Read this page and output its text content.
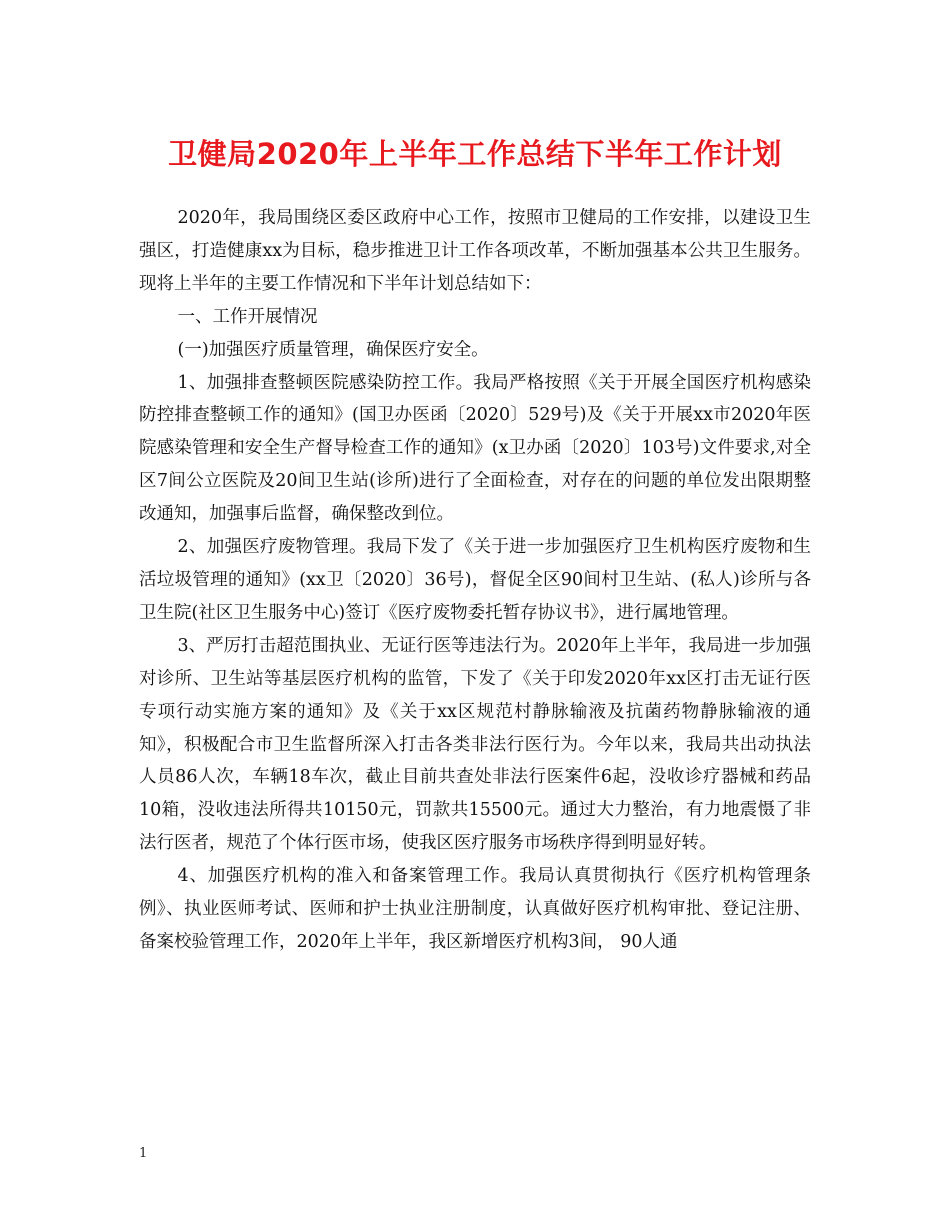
卫健局2020年上半年工作总结下半年工作计划

2020年，我局围绕区委区政府中心工作，按照市卫健局的工作安排，以建设卫生强区，打造健康xx为目标，稳步推进卫计工作各项改革，不断加强基本公共卫生服务。现将上半年的主要工作情况和下半年计划总结如下：

一、工作开展情况

(一)加强医疗质量管理，确保医疗安全。

1、加强排查整顿医院感染防控工作。我局严格按照《关于开展全国医疗机构感染防控排查整顿工作的通知》(国卫办医函〔2020〕529号)及《关于开展xx市2020年医院感染管理和安全生产督导检查工作的通知》(x卫办函〔2020〕103号)文件要求,对全区7间公立医院及20间卫生站(诊所)进行了全面检查，对存在的问题的单位发出限期整改通知，加强事后监督，确保整改到位。

2、加强医疗废物管理。我局下发了《关于进一步加强医疗卫生机构医疗废物和生活垃圾管理的通知》(xx卫〔2020〕36号)，督促全区90间村卫生站、(私人)诊所与各卫生院(社区卫生服务中心)签订《医疗废物委托暂存协议书》，进行属地管理。

3、严厉打击超范围执业、无证行医等违法行为。2020年上半年，我局进一步加强对诊所、卫生站等基层医疗机构的监管，下发了《关于印发2020年xx区打击无证行医专项行动实施方案的通知》及《关于xx区规范村静脉输液及抗菌药物静脉输液的通知》，积极配合市卫生监督所深入打击各类非法行医行为。今年以来，我局共出动执法人员86人次，车辆18车次，截止目前共查处非法行医案件6起，没收诊疗器械和药品10箱，没收违法所得共10150元，罚款共15500元。通过大力整治，有力地震慑了非法行医者，规范了个体行医市场，使我区医疗服务市场秩序得到明显好转。

4、加强医疗机构的准入和备案管理工作。我局认真贯彻执行《医疗机构管理条例》、执业医师考试、医师和护士执业注册制度，认真做好医疗机构审批、登记注册、备案校验管理工作，2020年上半年，我区新增医疗机构3间， 90人通

1
